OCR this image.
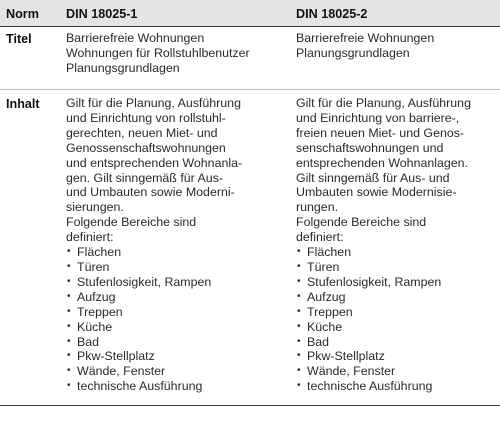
Norm DIN 18025-1	DIN 18025-2
Titel	Barrierefreie Wohnungen
Wohnungen für Rollstuhlbenutzer
Planungsgrundlagen
Barrierefreie Wohnungen
Planungsgrundlagen
Inhalt Gilt für die Planung, Ausführung
und Einrichtung von rollstuhl-
gerechten, neuen Miet- und
Genossenschaftswohnungen
und entsprechenden Wohnanla-
gen. Gilt sinngemäß für Aus-
und Umbauten sowie Moderni-
sierungen.
Folgende Bereiche sind
definiert:
• Flächen
• Türen
• Stufenlosigkeit, Rampen
• Aufzug
• Treppen
• Küche
• Bad
• Pkw-Stellplatz
• Wände, Fenster
• technische Ausführung
Gilt für die Planung, Ausführung
und Einrichtung von barriere-,
freien neuen Miet- und Genos-
senschaftswohnungen und
entsprechenden Wohnanlagen.
Gilt sinngemäß für Aus- und
Umbauten sowie Modernisie-
rungen.
Folgende Bereiche sind
definiert:
• Flächen
• Türen
• Stufenlosigkeit, Rampen
• Aufzug
• Treppen
• Küche
• Bad
• Pkw-Stellplatz
• Wände, Fenster
• technische Ausführung
